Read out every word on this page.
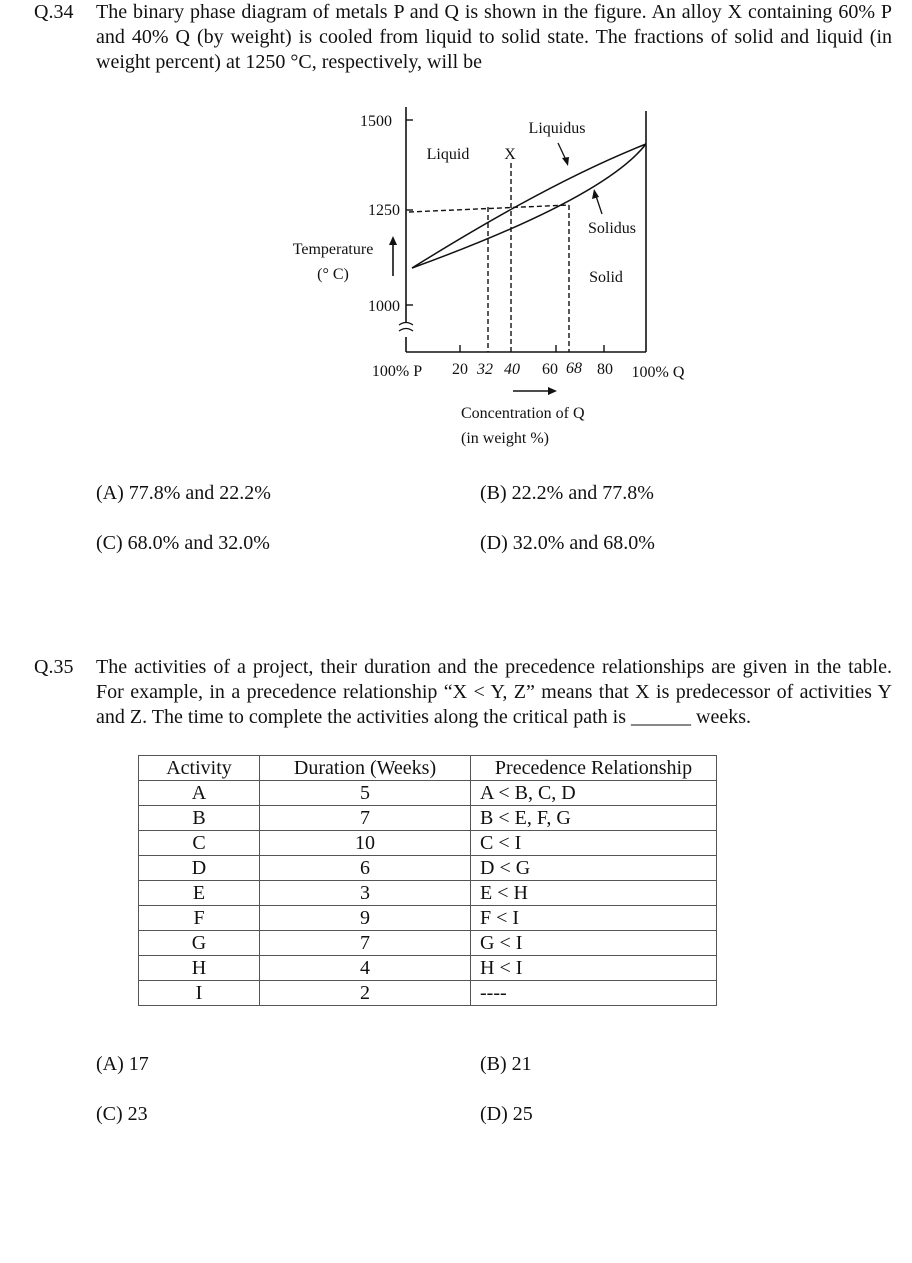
Q.34 The binary phase diagram of metals P and Q is shown in the figure. An alloy X containing 60% P and 40% Q (by weight) is cooled from liquid to solid state. The fractions of solid and liquid (in weight percent) at 1250 °C, respectively, will be
1500
1250
1000
20 32 40 60 68 80
100% P	100% Q
Temperature
(° C)
Liquid X
Liquidus
Solidus
Solid
Concentration of Q
(in weight %)
(A) 77.8% and 22.2%	(B) 22.2% and 77.8%
(C) 68.0% and 32.0%	(D) 32.0% and 68.0%
Q.35 The activities of a project, their duration and the precedence relationships are given in the table. For example, in a precedence relationship “X < Y, Z” means that X is predecessor of activities Y and Z. The time to complete the activities along the critical path is ______ weeks.
Activity	Duration (Weeks)	Precedence Relationship
A	5	A < B, C, D
B	7	B < E, F, G
C	10	C < I
D	6	D < G
E	3	E < H
F	9	F < I
G	7	G < I
H	4	H < I
I	2	----
(A) 17	(B) 21
(C) 23	(D) 25
